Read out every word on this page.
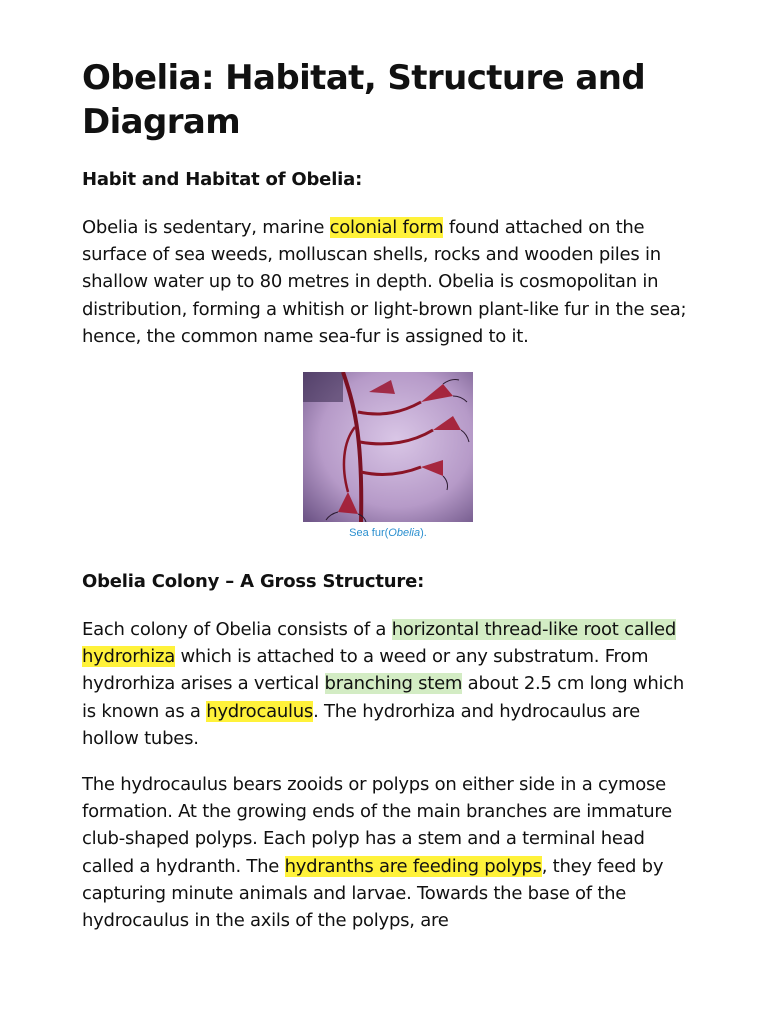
Obelia: Habitat, Structure and Diagram
Habit and Habitat of Obelia:

Obelia is sedentary, marine colonial form found attached on the surface of sea weeds, molluscan shells, rocks and wooden piles in shallow water up to 80 metres in depth. Obelia is cosmopolitan in distribution, forming a whitish or light-brown plant-like fur in the sea; hence, the common name sea-fur is assigned to it.

Sea fur(Obelia).
Obelia Colony – A Gross Structure:

Each colony of Obelia consists of a horizontal thread-like root called hydrorhiza which is attached to a weed or any substratum. From hydrorhiza arises a vertical branching stem about 2.5 cm long which is known as a hydrocaulus. The hydrorhiza and hydrocaulus are hollow tubes.

The hydrocaulus bears zooids or polyps on either side in a cymose formation. At the growing ends of the main branches are immature club-shaped polyps. Each polyp has a stem and a terminal head called a hydranth. The hydranths are feeding polyps, they feed by capturing minute animals and larvae. Towards the base of the hydrocaulus in the axils of the polyps, are
